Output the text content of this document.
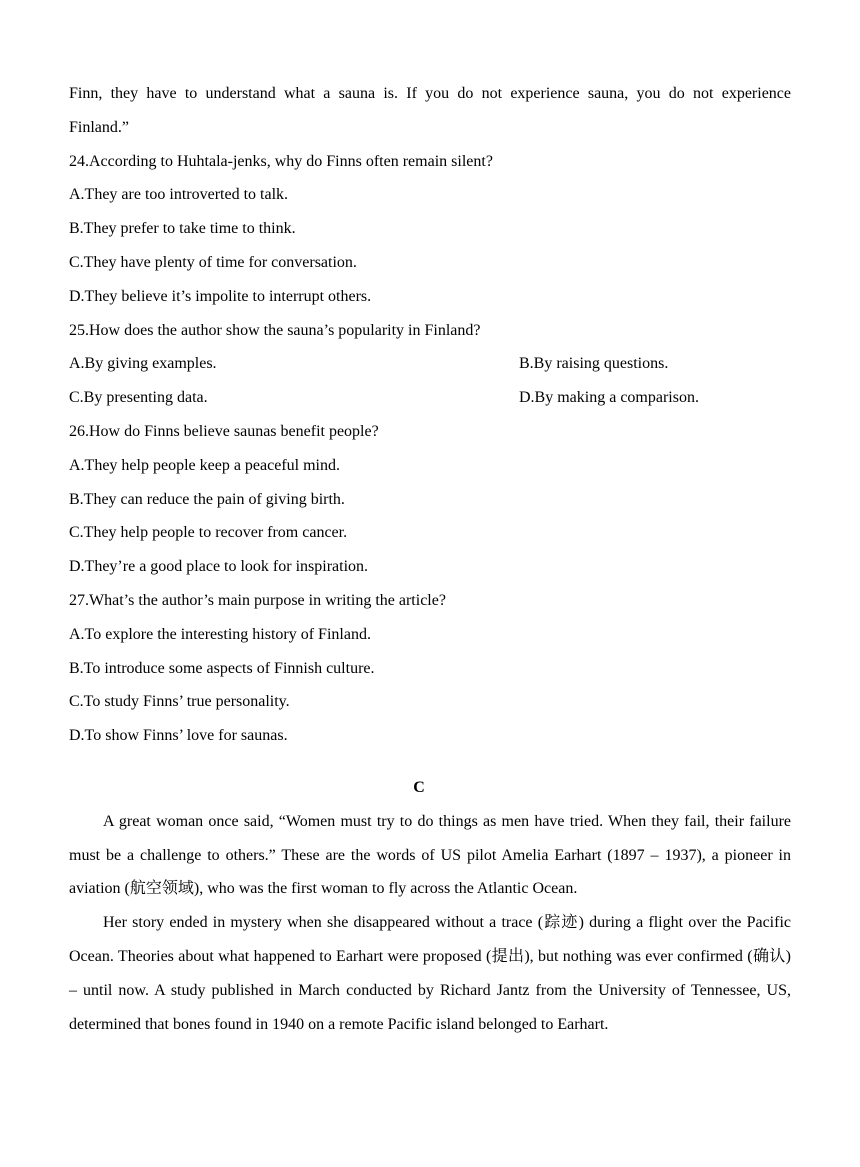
Finn, they have to understand what a sauna is. If you do not experience sauna, you do not experience
Finland.”
24.According to Huhtala-jenks, why do Finns often remain silent?
A.They are too introverted to talk.
B.They prefer to take time to think.
C.They have plenty of time for conversation.
D.They believe it’s impolite to interrupt others.
25.How does the author show the sauna’s popularity in Finland?
A.By giving examples.	B.By raising questions.
C.By presenting data.	D.By making a comparison.
26.How do Finns believe saunas benefit people?
A.They help people keep a peaceful mind.
B.They can reduce the pain of giving birth.
C.They help people to recover from cancer.
D.They’re a good place to look for inspiration.
27.What’s the author’s main purpose in writing the article?
A.To explore the interesting history of Finland.
B.To introduce some aspects of Finnish culture.
C.To study Finns’ true personality.
D.To show Finns’ love for saunas.
C

A great woman once said, “Women must try to do things as men have tried. When they fail, their failure must be a challenge to others.” These are the words of US pilot Amelia Earhart (1897 – 1937), a pioneer in aviation (航空领域), who was the first woman to fly across the Atlantic Ocean.

Her story ended in mystery when she disappeared without a trace (踪迹) during a flight over the Pacific Ocean. Theories about what happened to Earhart were proposed (提出), but nothing was ever confirmed (确认) – until now. A study published in March conducted by Richard Jantz from the University of Tennessee, US, determined that bones found in 1940 on a remote Pacific island belonged to Earhart.
